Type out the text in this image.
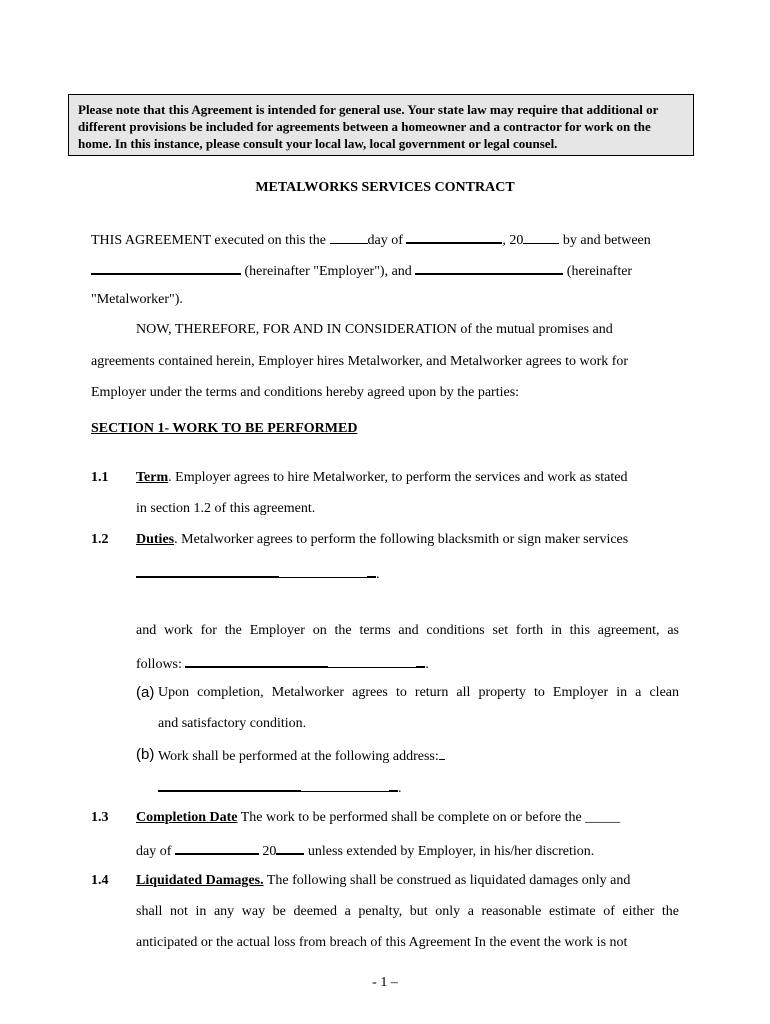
Please note that this Agreement is intended for general use. Your state law may require that additional or different provisions be included for agreements between a homeowner and a contractor for work on the home. In this instance, please consult your local law, local government or legal counsel.
METALWORKS SERVICES CONTRACT
THIS AGREEMENT executed on this the	day of	, 20	by and between
(hereinafter "Employer"), and	(hereinafter
"Metalworker").
NOW, THEREFORE, FOR AND IN CONSIDERATION of the mutual promises and
agreements contained herein, Employer hires Metalworker, and Metalworker agrees to work for
Employer under the terms and conditions hereby agreed upon by the parties:
SECTION 1- WORK TO BE PERFORMED
1.1 Term. Employer agrees to hire Metalworker, to perform the services and work as stated
in section 1.2 of this agreement.
1.2 Duties. Metalworker agrees to perform the following blacksmith or sign maker services
.
and work for the Employer on the terms and conditions set forth in this agreement, as
follows:	.
(a) Upon completion, Metalworker agrees to return all property to Employer in a clean
and satisfactory condition.
(b) Work shall be performed at the following address:
.
1.3 Completion Date The work to be performed shall be complete on or before the _____
day of	20 unless extended by Employer, in his/her discretion.
1.4 Liquidated Damages. The following shall be construed as liquidated damages only and
shall not in any way be deemed a penalty, but only a reasonable estimate of either the
anticipated or the actual loss from breach of this Agreement In the event the work is not
- 1 –
